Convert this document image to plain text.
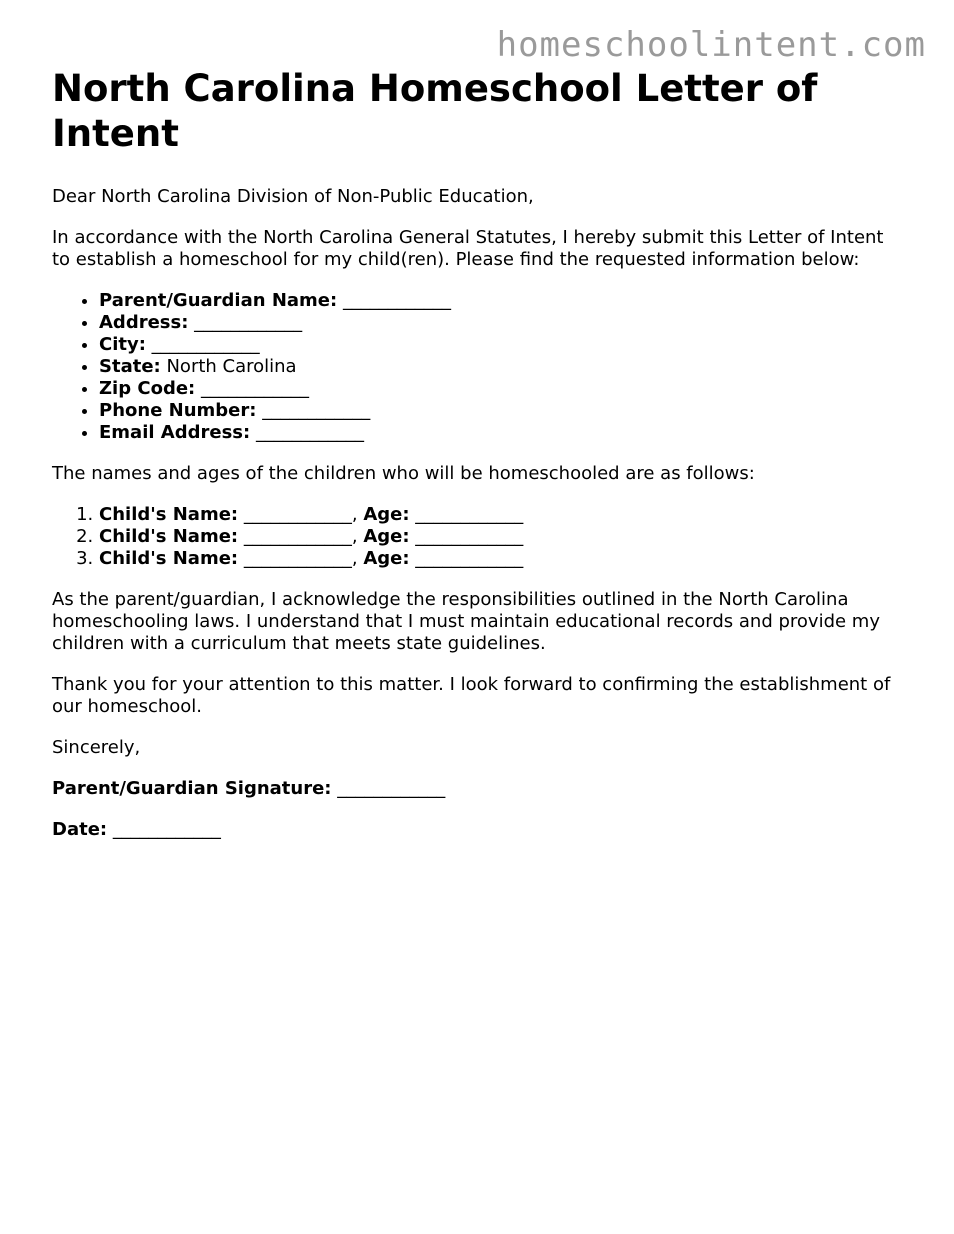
homeschoolintent.com
North Carolina Homeschool Letter of Intent

Dear North Carolina Division of Non-Public Education,

In accordance with the North Carolina General Statutes, I hereby submit this Letter of Intent to establish a homeschool for my child(ren). Please find the requested information below:

• Parent/Guardian Name: ____________
• Address: ____________
• City: ____________
• State: North Carolina
• Zip Code: ____________
• Phone Number: ____________
• Email Address: ____________

The names and ages of the children who will be homeschooled are as follows:

1. Child's Name: ____________, Age: ____________
2. Child's Name: ____________, Age: ____________
3. Child's Name: ____________, Age: ____________

As the parent/guardian, I acknowledge the responsibilities outlined in the North Carolina homeschooling laws. I understand that I must maintain educational records and provide my children with a curriculum that meets state guidelines.

Thank you for your attention to this matter. I look forward to confirming the establishment of our homeschool.

Sincerely,

Parent/Guardian Signature: ____________

Date: ____________
